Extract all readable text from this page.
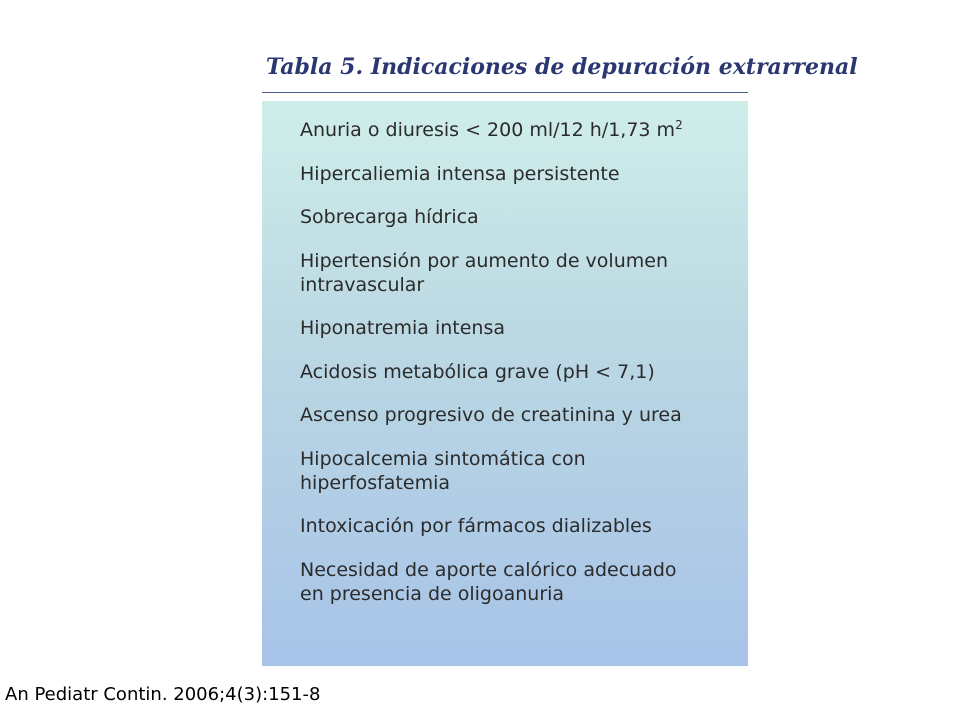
Tabla 5. Indicaciones de depuración extrarrenal
Anuria o diuresis < 200 ml/12 h/1,73 $m^2$
Hipercaliemia intensa persistente
Sobrecarga hídrica
Hipertensión por aumento de volumen
intravascular
Hiponatremia intensa
Acidosis metabólica grave (pH < 7,1)
Ascenso progresivo de creatinina y urea
Hipocalcemia sintomática con
hiperfosfatemia
Intoxicación por fármacos dializables
Necesidad de aporte calórico adecuado
en presencia de oligoanuria
An Pediatr Contin. 2006;4(3):151-8
